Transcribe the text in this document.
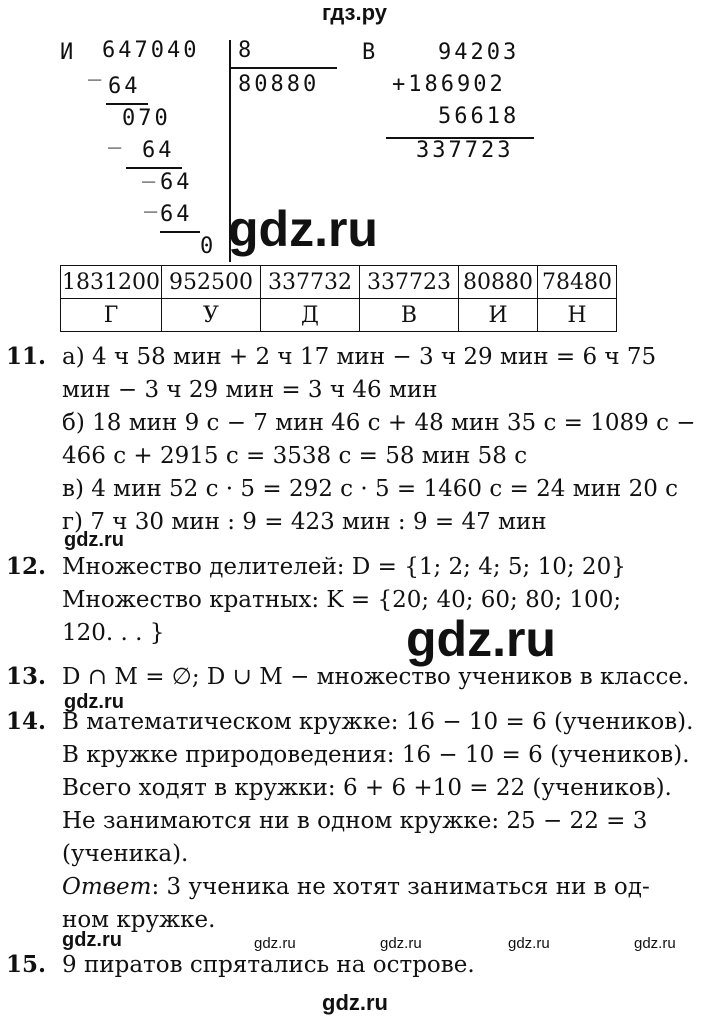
гдз.ру
И
_
647040 8
80880
64
_
070
64
_ 64
_
64
0
В	94203
+186902
56618
337723
gdz.ru
1831200	952500	337732	337723	80880	78480
Г	У	Д	В	И	Н
11. а) 4 ч 58 мин + 2 ч 17 мин − 3 ч 29 мин = 6 ч 75
мин − 3 ч 29 мин = 3 ч 46 мин
б) 18 мин 9 с − 7 мин 46 с + 48 мин 35 с = 1089 с −
466 с + 2915 с = 3538 с = 58 мин 58 с
в) 4 мин 52 с · 5 = 292 с · 5 = 1460 с = 24 мин 20 с
г) 7 ч 30 мин : 9 = 423 мин : 9 = 47 мин
gdz.ru
12. Множество делителей: D = {1; 2; 4; 5; 10; 20}
Множество кратных: K = {20; 40; 60; 80; 100;
120. . . }	gdz.ru
13. D ∩ M = ∅; D ∪ M − множество учеников в классе.
gdz.ru
14. В математическом кружке: 16 − 10 = 6 (учеников).
В кружке природоведения: 16 − 10 = 6 (учеников).
Всего ходят в кружки: 6 + 6 +10 = 22 (учеников).
Не занимаются ни в одном кружке: 25 − 22 = 3
(ученика).
Ответ: 3 ученика не хотят заниматься ни в од-
ном кружке.
gdz.ru	gdz.ru	gdz.ru	gdz.ru	gdz.ru
15. 9 пиратов спрятались на острове.
gdz.ru
